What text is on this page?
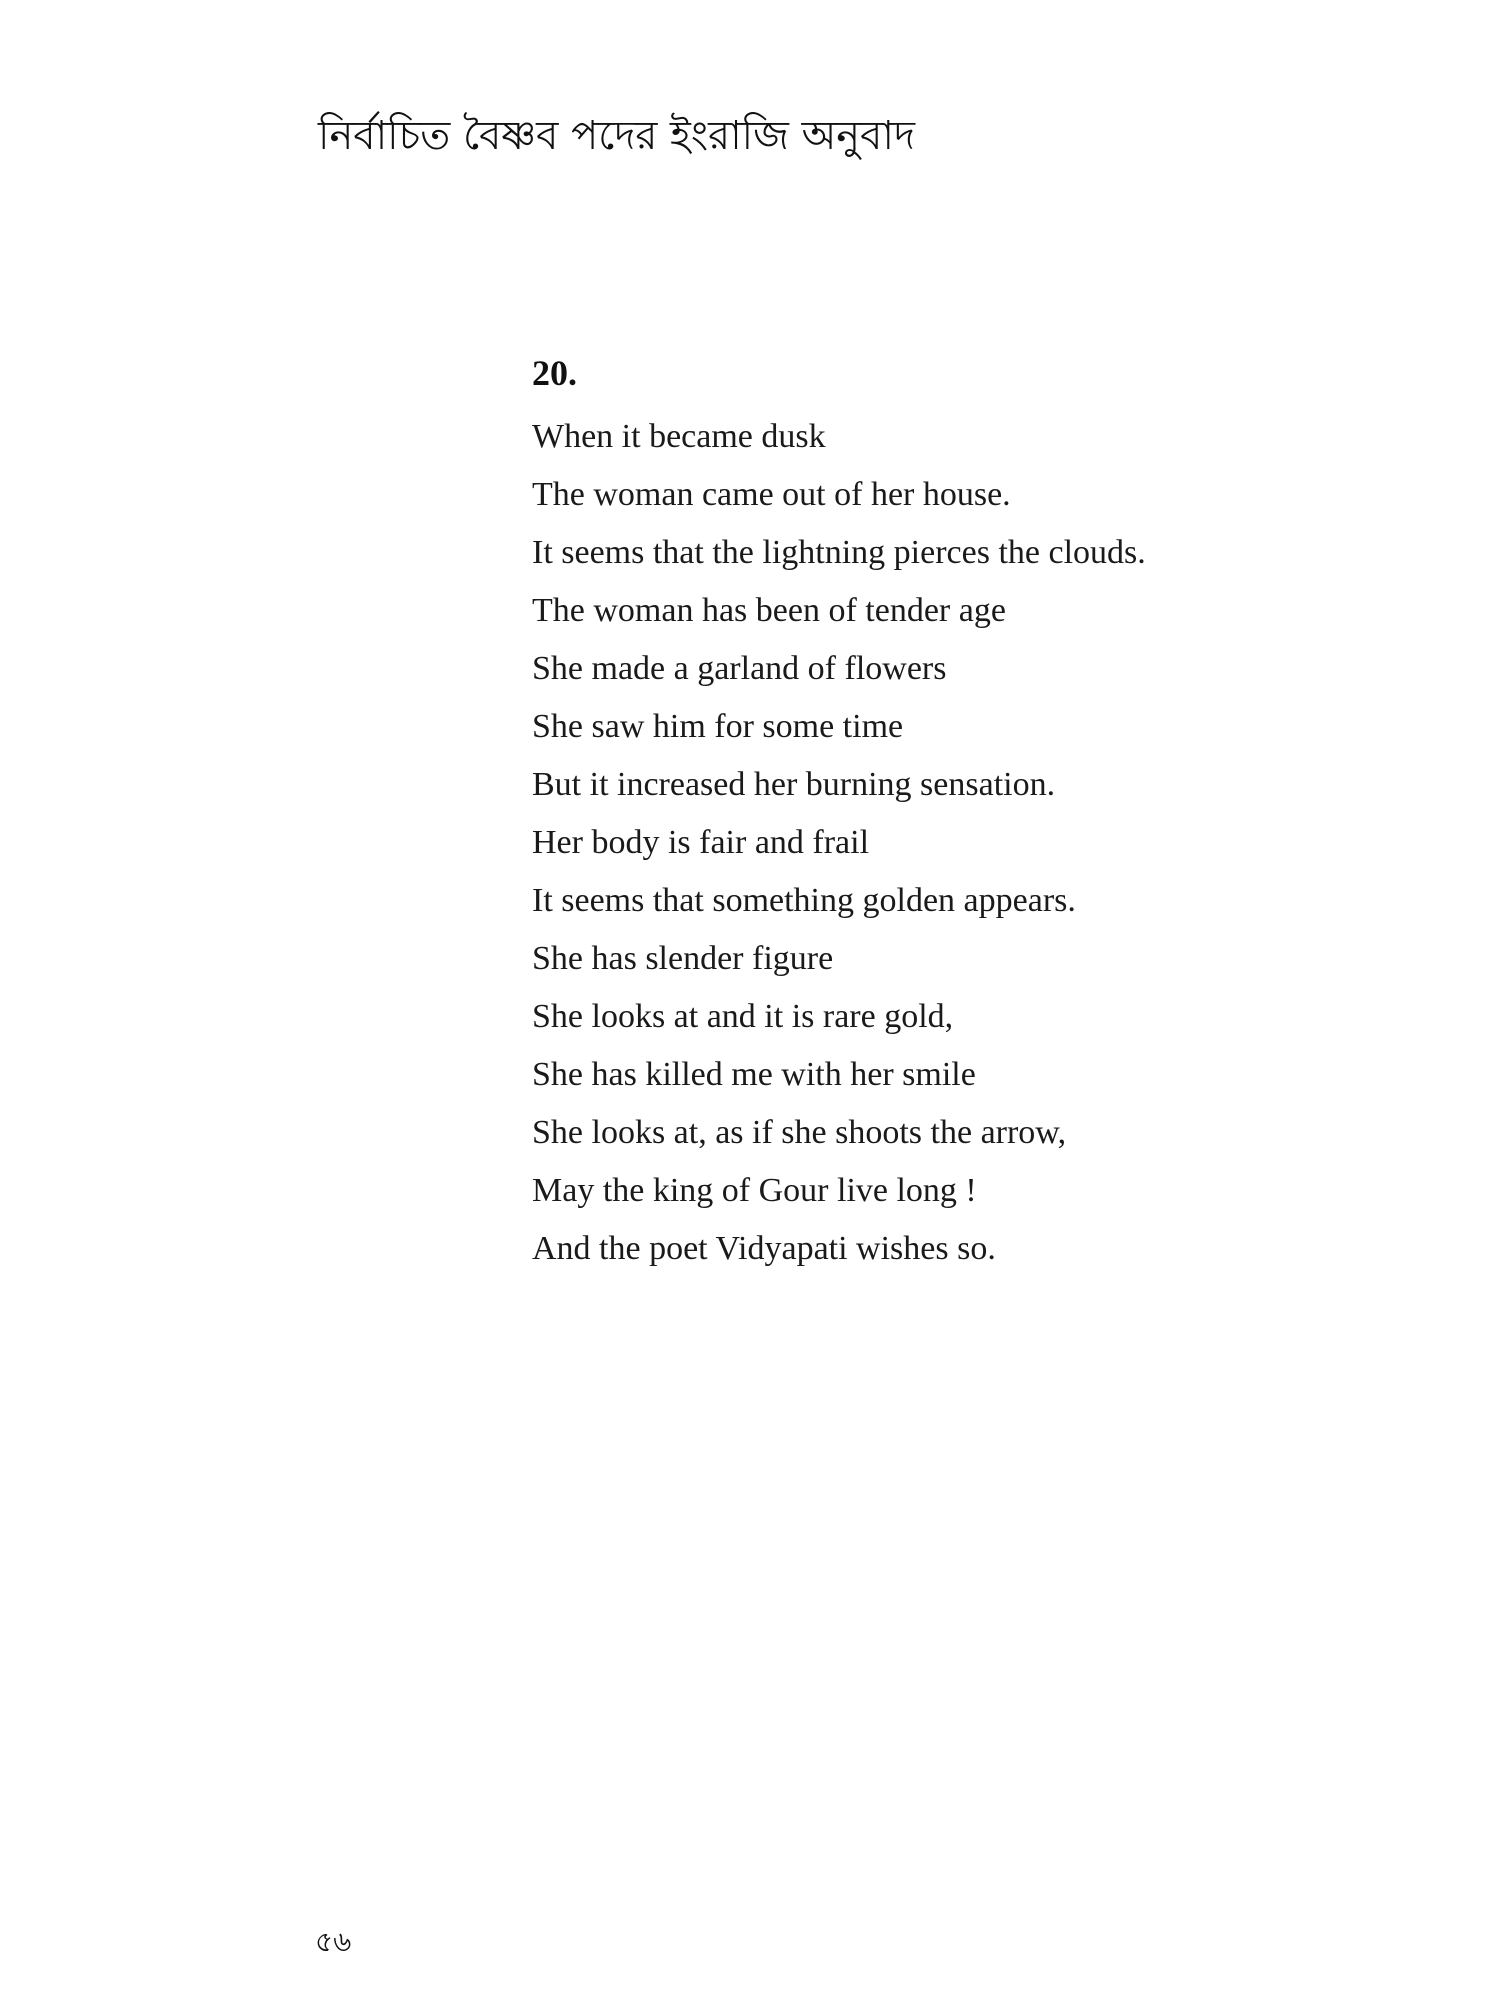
নির্বাচিত বৈষ্ণব পদের ইংরাজি অনুবাদ
20.
When it became dusk
The woman came out of her house.
It seems that the lightning pierces the clouds.
The woman has been of tender age
She made a garland of flowers
She saw him for some time
But it increased her burning sensation.
Her body is fair and frail
It seems that something golden appears.
She has slender figure
She looks at and it is rare gold,
She has killed me with her smile
She looks at, as if she shoots the arrow,
May the king of Gour live long !
And the poet Vidyapati wishes so.
৫৬
